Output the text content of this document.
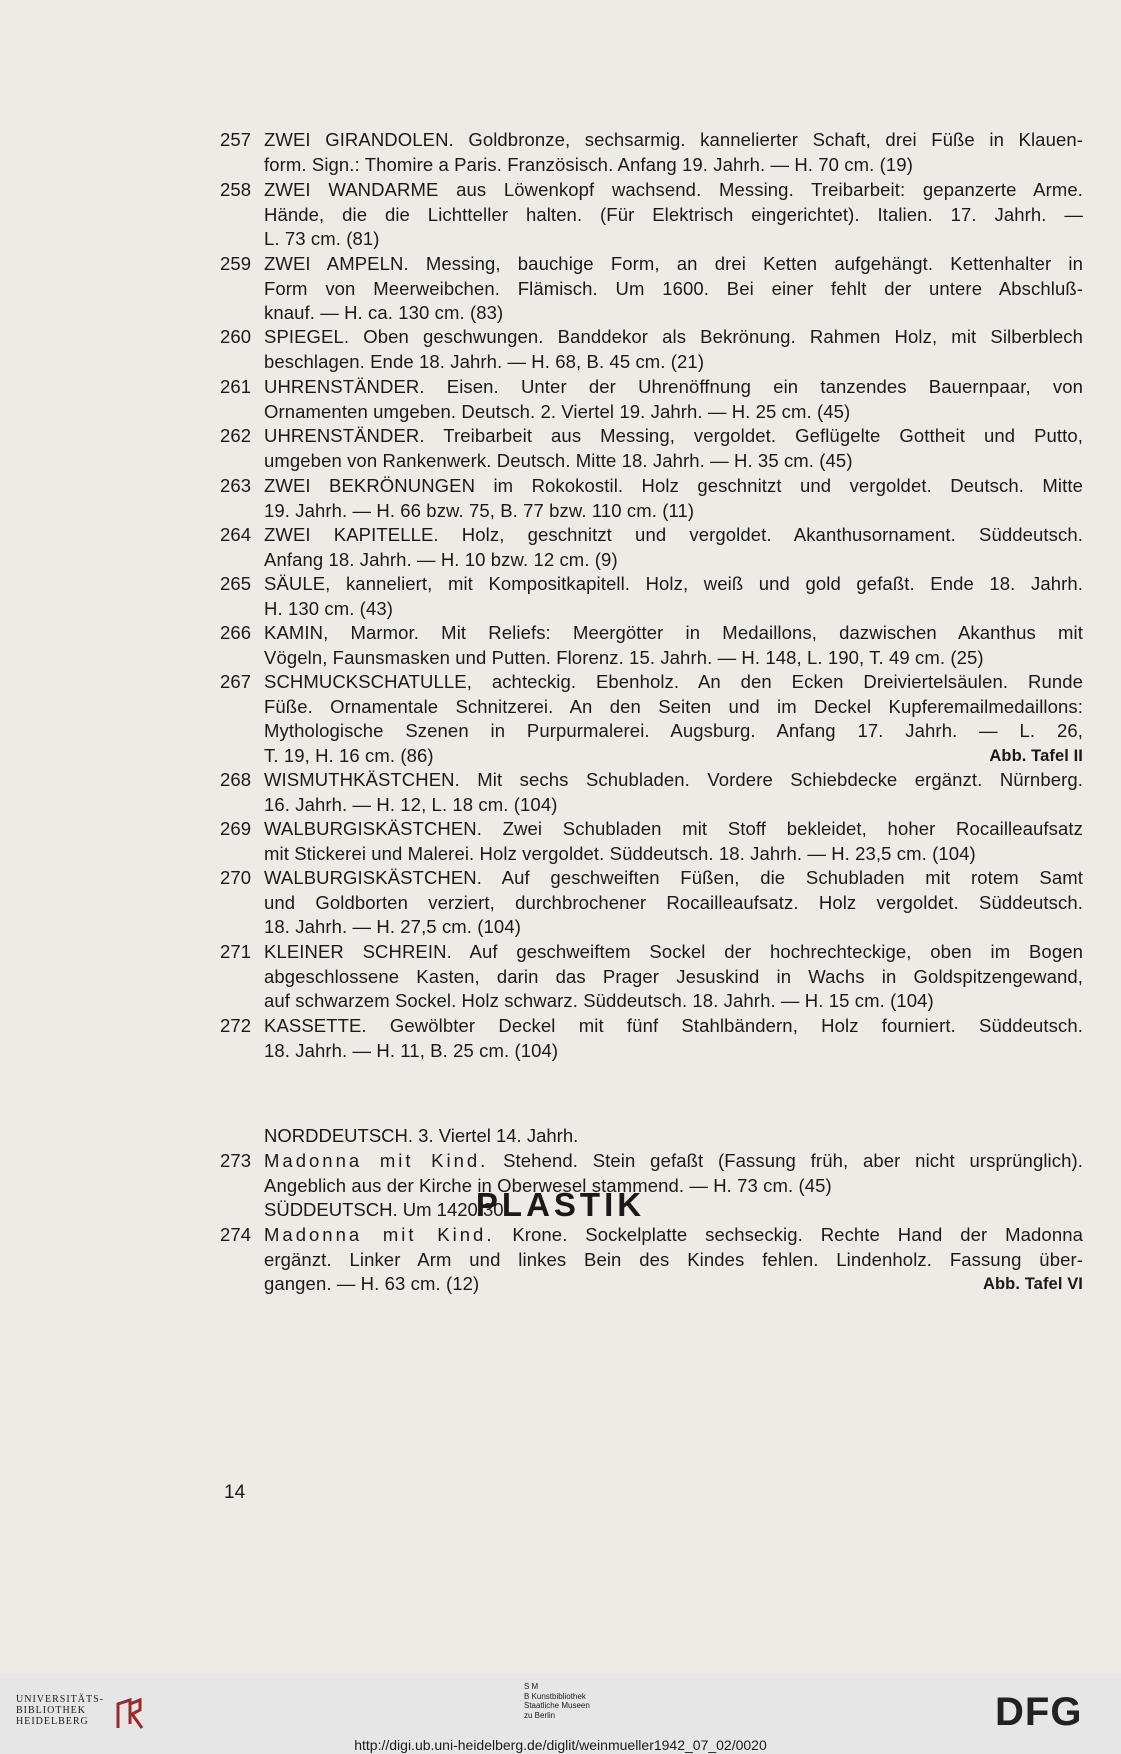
257 ZWEI GIRANDOLEN. Goldbronze, sechsarmig. kannelierter Schaft, drei Füße in Klauen-
form. Sign.: Thomire a Paris. Französisch. Anfang 19. Jahrh. — H. 70 cm. (19)
258 ZWEI WANDARME aus Löwenkopf wachsend. Messing. Treibarbeit: gepanzerte Arme.
Hände, die die Lichtteller halten. (Für Elektrisch eingerichtet). Italien. 17. Jahrh. —
L. 73 cm. (81)
259 ZWEI AMPELN. Messing, bauchige Form, an drei Ketten aufgehängt. Kettenhalter in
Form von Meerweibchen. Flämisch. Um 1600. Bei einer fehlt der untere Abschluß-
knauf. — H. ca. 130 cm. (83)
260 SPIEGEL. Oben geschwungen. Banddekor als Bekrönung. Rahmen Holz, mit Silberblech
beschlagen. Ende 18. Jahrh. — H. 68, B. 45 cm. (21)
261 UHRENSTÄNDER. Eisen. Unter der Uhrenöffnung ein tanzendes Bauernpaar, von
Ornamenten umgeben. Deutsch. 2. Viertel 19. Jahrh. — H. 25 cm. (45)
262 UHRENSTÄNDER. Treibarbeit aus Messing, vergoldet. Geflügelte Gottheit und Putto,
umgeben von Rankenwerk. Deutsch. Mitte 18. Jahrh. — H. 35 cm. (45)
263 ZWEI BEKRÖNUNGEN im Rokokostil. Holz geschnitzt und vergoldet. Deutsch. Mitte
19. Jahrh. — H. 66 bzw. 75, B. 77 bzw. 110 cm. (11)
264 ZWEI KAPITELLE. Holz, geschnitzt und vergoldet. Akanthusornament. Süddeutsch.
Anfang 18. Jahrh. — H. 10 bzw. 12 cm. (9)
265 SÄULE, kanneliert, mit Kompositkapitell. Holz, weiß und gold gefaßt. Ende 18. Jahrh.
H. 130 cm. (43)
266 KAMIN, Marmor. Mit Reliefs: Meergötter in Medaillons, dazwischen Akanthus mit
Vögeln, Faunsmasken und Putten. Florenz. 15. Jahrh. — H. 148, L. 190, T. 49 cm. (25)
267 SCHMUCKSCHATULLE, achteckig. Ebenholz. An den Ecken Dreiviertelsäulen. Runde
Füße. Ornamentale Schnitzerei. An den Seiten und im Deckel Kupferemailmedaillons:
Mythologische Szenen in Purpurmalerei. Augsburg. Anfang 17. Jahrh. — L. 26,
T. 19, H. 16 cm. (86)	Abb. Tafel II
268 WISMUTHKÄSTCHEN. Mit sechs Schubladen. Vordere Schiebdecke ergänzt. Nürnberg.
16. Jahrh. — H. 12, L. 18 cm. (104)
269 WALBURGISKÄSTCHEN. Zwei Schubladen mit Stoff bekleidet, hoher Rocailleaufsatz
mit Stickerei und Malerei. Holz vergoldet. Süddeutsch. 18. Jahrh. — H. 23,5 cm. (104)
270 WALBURGISKÄSTCHEN. Auf geschweiften Füßen, die Schubladen mit rotem Samt
und Goldborten verziert, durchbrochener Rocailleaufsatz. Holz vergoldet. Süddeutsch.
18. Jahrh. — H. 27,5 cm. (104)
271 KLEINER SCHREIN. Auf geschweiftem Sockel der hochrechteckige, oben im Bogen
abgeschlossene Kasten, darin das Prager Jesuskind in Wachs in Goldspitzengewand,
auf schwarzem Sockel. Holz schwarz. Süddeutsch. 18. Jahrh. — H. 15 cm. (104)
272 KASSETTE. Gewölbter Deckel mit fünf Stahlbändern, Holz fourniert. Süddeutsch.
18. Jahrh. — H. 11, B. 25 cm. (104)
PLASTIK
NORDDEUTSCH. 3. Viertel 14. Jahrh.
273 Madonna mit Kind. Stehend. Stein gefaßt (Fassung früh, aber nicht ursprünglich).
Angeblich aus der Kirche in Oberwesel stammend. — H. 73 cm. (45)
SÜDDEUTSCH. Um 1420/30.
274 Madonna mit Kind. Krone. Sockelplatte sechseckig. Rechte Hand der Madonna
ergänzt. Linker Arm und linkes Bein des Kindes fehlen. Lindenholz. Fassung über-
gangen. — H. 63 cm. (12)	Abb. Tafel VI
14
UNIVERSITÄTS-
BIBLIOTHEK
HEIDELBERG
S M
B Kunstbibliothek
Staatliche Museen
zu Berlin	DFG
http://digi.ub.uni-heidelberg.de/diglit/weinmueller1942_07_02/0020
